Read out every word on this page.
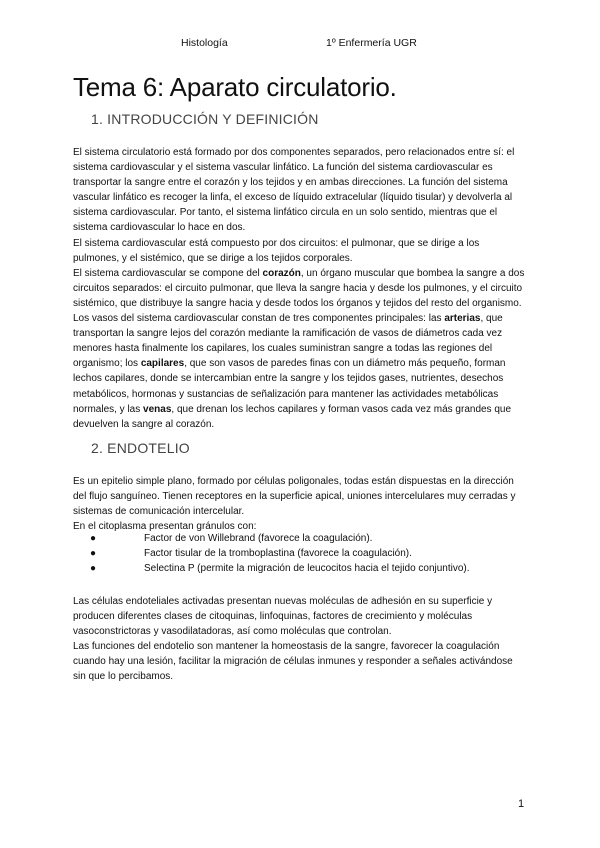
Histología	1º Enfermería UGR
Tema 6: Aparato circulatorio.
1. INTRODUCCIÓN Y DEFINICIÓN

El sistema circulatorio está formado por dos componentes separados, pero relacionados entre sí: el sistema cardiovascular y el sistema vascular linfático. La función del sistema cardiovascular es transportar la sangre entre el corazón y los tejidos y en ambas direcciones. La función del sistema vascular linfático es recoger la linfa, el exceso de líquido extracelular (líquido tisular) y devolverla al sistema cardiovascular. Por tanto, el sistema linfático circula en un solo sentido, mientras que el sistema cardiovascular lo hace en dos.

El sistema cardiovascular está compuesto por dos circuitos: el pulmonar, que se dirige a los pulmones, y el sistémico, que se dirige a los tejidos corporales.

El sistema cardiovascular se compone del corazón, un órgano muscular que bombea la sangre a dos circuitos separados: el circuito pulmonar, que lleva la sangre hacia y desde los pulmones, y el circuito sistémico, que distribuye la sangre hacia y desde todos los órganos y tejidos del resto del organismo. Los vasos del sistema cardiovascular constan de tres componentes principales: las arterias, que transportan la sangre lejos del corazón mediante la ramificación de vasos de diámetros cada vez menores hasta finalmente los capilares, los cuales suministran sangre a todas las regiones del organismo; los capilares, que son vasos de paredes finas con un diámetro más pequeño, forman lechos capilares, donde se intercambian entre la sangre y los tejidos gases, nutrientes, desechos metabólicos, hormonas y sustancias de señalización para mantener las actividades metabólicas normales, y las venas, que drenan los lechos capilares y forman vasos cada vez más grandes que devuelven la sangre al corazón.

2. ENDOTELIO

Es un epitelio simple plano, formado por células poligonales, todas están dispuestas en la dirección del flujo sanguíneo. Tienen receptores en la superficie apical, uniones intercelulares muy cerradas y sistemas de comunicación intercelular.

En el citoplasma presentan gránulos con:

●	Factor de von Willebrand (favorece la coagulación).
●	Factor tisular de la tromboplastina (favorece la coagulación).
●	Selectina P (permite la migración de leucocitos hacia el tejido conjuntivo).

Las células endoteliales activadas presentan nuevas moléculas de adhesión en su superficie y producen diferentes clases de citoquinas, linfoquinas, factores de crecimiento y moléculas vasoconstrictoras y vasodilatadoras, así como moléculas que controlan.

Las funciones del endotelio son mantener la homeostasis de la sangre, favorecer la coagulación cuando hay una lesión, facilitar la migración de células inmunes y responder a señales activándose sin que lo percibamos.

1
